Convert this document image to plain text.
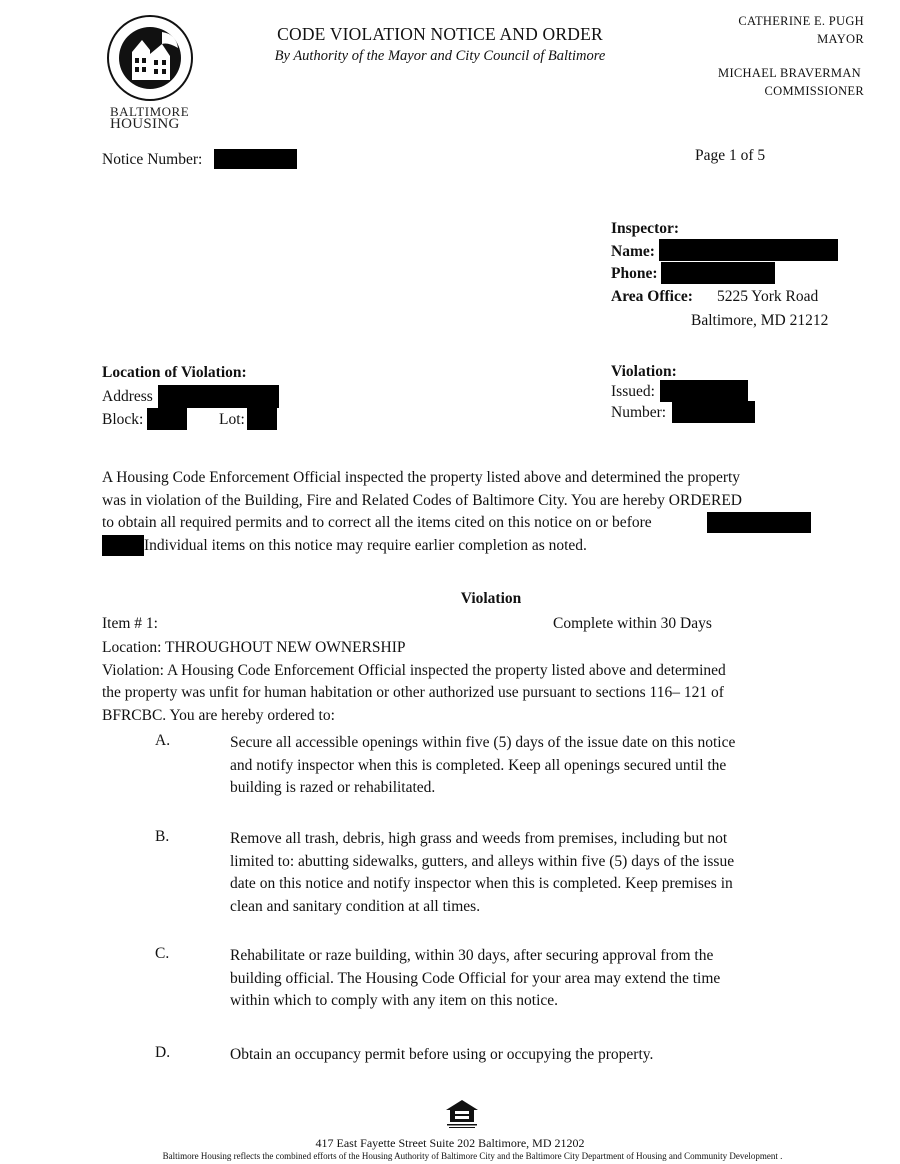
BALTIMORE
HOUSING
CODE VIOLATION NOTICE AND ORDER
By Authority of the Mayor and City Council of Baltimore
CATHERINE E. PUGH
MAYOR
MICHAEL BRAVERMAN
COMMISSIONER
Notice Number:	Page 1 of 5
Inspector:
Name:
Phone:
Area Office: 5225 York Road
Baltimore, MD 21212
Location of Violation:
Address
Block:	Lot:
Violation:
Issued:
Number:
A Housing Code Enforcement Official inspected the property listed above and determined the property
was in violation of the Building, Fire and Related Codes of Baltimore City. You are hereby ORDERED
to obtain all required permits and to correct all the items cited on this notice on or before
Individual items on this notice may require earlier completion as noted.
Violation
Item # 1:	Complete within 30 Days
Location: THROUGHOUT NEW OWNERSHIP
Violation: A Housing Code Enforcement Official inspected the property listed above and determined
the property was unfit for human habitation or other authorized use pursuant to sections 116– 121 of
BFRCBC. You are hereby ordered to:
A.	Secure all accessible openings within five (5) days of the issue date on this notice
and notify inspector when this is completed. Keep all openings secured until the
building is razed or rehabilitated.
B.	Remove all trash, debris, high grass and weeds from premises, including but not
limited to: abutting sidewalks, gutters, and alleys within five (5) days of the issue
date on this notice and notify inspector when this is completed. Keep premises in
clean and sanitary condition at all times.
C.	Rehabilitate or raze building, within 30 days, after securing approval from the
building official. The Housing Code Official for your area may extend the time
within which to comply with any item on this notice.
D.	Obtain an occupancy permit before using or occupying the property.
417 East Fayette Street Suite 202 Baltimore, MD 21202
Baltimore Housing reflects the combined efforts of the Housing Authority of Baltimore City and the Baltimore City Department of Housing and Community Development .
